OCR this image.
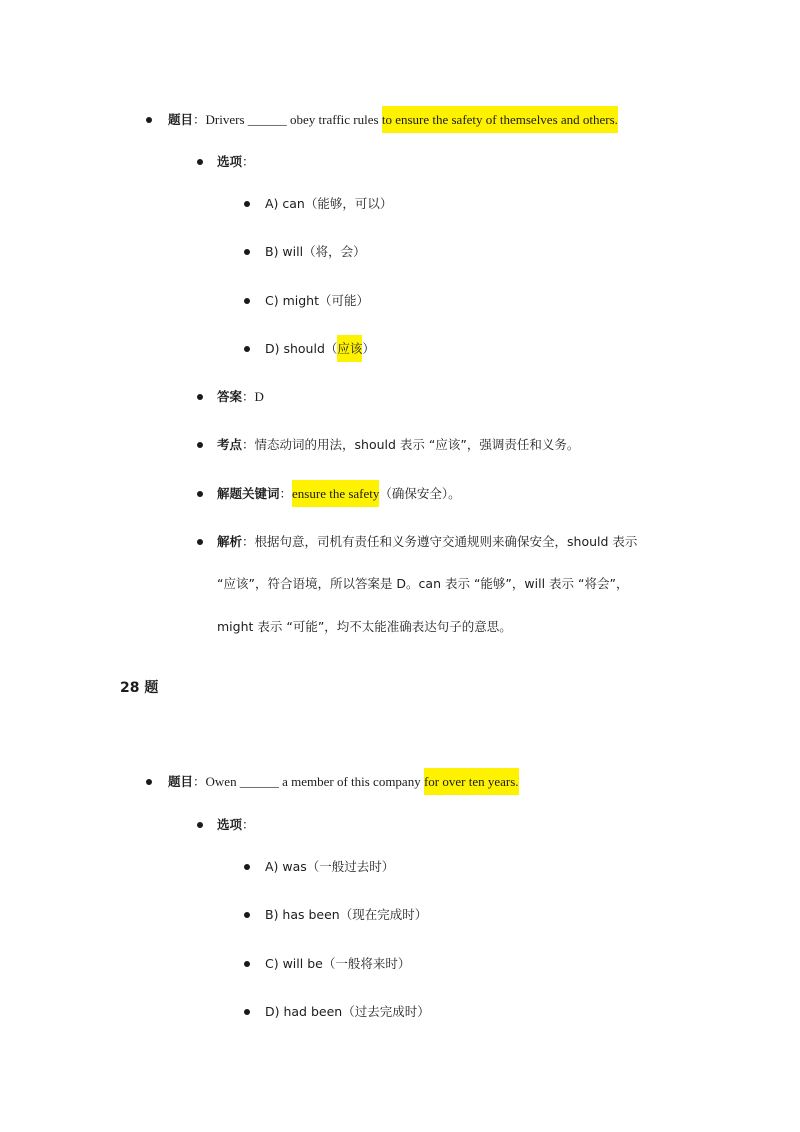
题目：Drivers ______ obey traffic rules to ensure the safety of themselves and others.
选项：
A) can（能够，可以）
B) will（将，会）
C) might（可能）
D) should（应该）
答案：D
考点：情态动词的用法，should 表示 “应该”，强调责任和义务。
解题关键词：ensure the safety（确保安全）。
解析：根据句意，司机有责任和义务遵守交通规则来确保安全，should 表示
“应该”，符合语境，所以答案是 D。can 表示 “能够”，will 表示 “将会”，
might 表示 “可能”，均不太能准确表达句子的意思。
28 题
题目：Owen ______ a member of this company for over ten years.
选项：
A) was（一般过去时）
B) has been（现在完成时）
C) will be（一般将来时）
D) had been（过去完成时）
